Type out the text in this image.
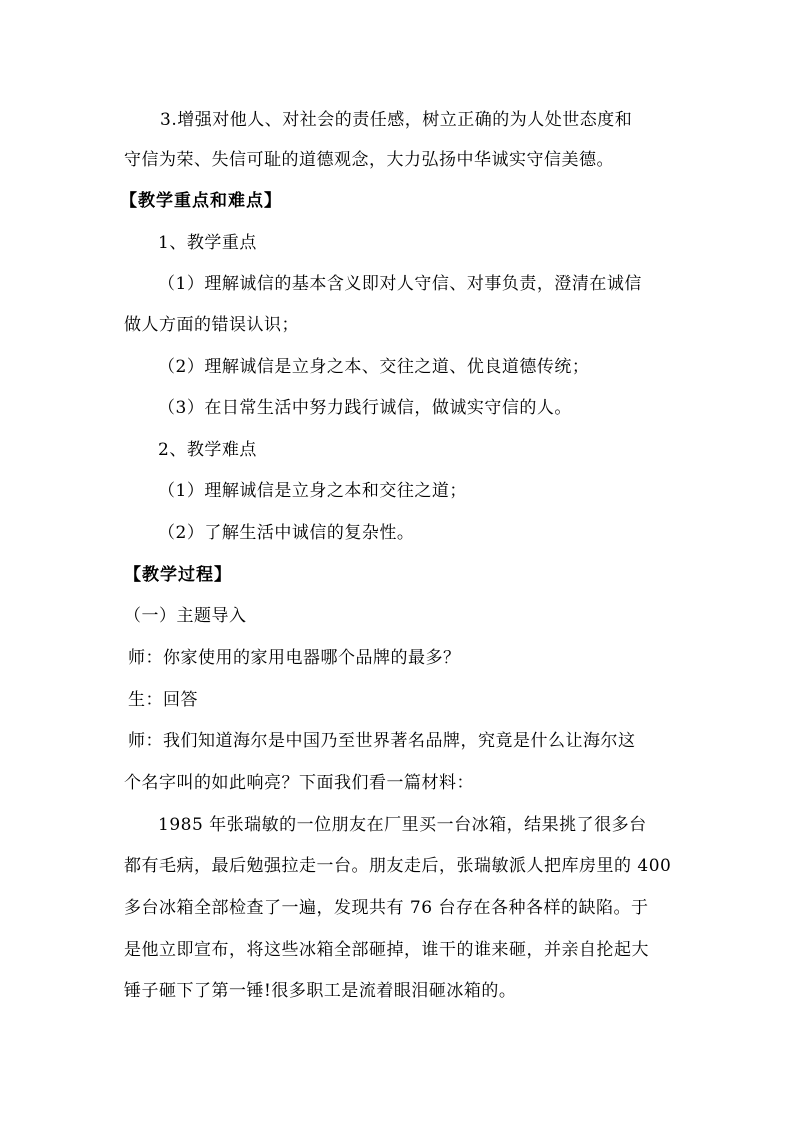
3.增强对他人、对社会的责任感，树立正确的为人处世态度和
守信为荣、失信可耻的道德观念，大力弘扬中华诚实守信美德。
【教学重点和难点】
1、教学重点
（1）理解诚信的基本含义即对人守信、对事负责，澄清在诚信
做人方面的错误认识；
（2）理解诚信是立身之本、交往之道、优良道德传统；
（3）在日常生活中努力践行诚信，做诚实守信的人。
2、教学难点
（1）理解诚信是立身之本和交往之道；
（2）了解生活中诚信的复杂性。
【教学过程】
（一）主题导入
师：你家使用的家用电器哪个品牌的最多？
生：回答
师：我们知道海尔是中国乃至世界著名品牌，究竟是什么让海尔这
个名字叫的如此响亮？下面我们看一篇材料：
1985 年张瑞敏的一位朋友在厂里买一台冰箱，结果挑了很多台
都有毛病，最后勉强拉走一台。朋友走后，张瑞敏派人把库房里的 400
多台冰箱全部检查了一遍，发现共有 76 台存在各种各样的缺陷。于
是他立即宣布，将这些冰箱全部砸掉，谁干的谁来砸，并亲自抡起大
锤子砸下了第一锤!很多职工是流着眼泪砸冰箱的。
